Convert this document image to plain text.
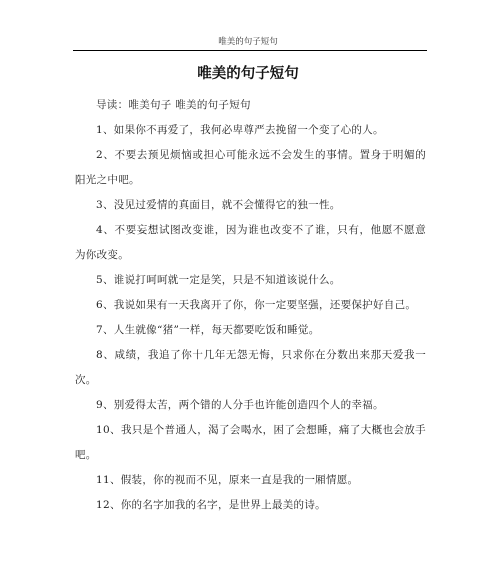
唯美的句子短句
唯美的句子短句

导读：唯美句子 唯美的句子短句

1、如果你不再爱了，我何必卑尊严去挽留一个变了心的人。

2、不要去预见烦恼或担心可能永远不会发生的事情。置身于明媚的阳光之中吧。

3、没见过爱情的真面目，就不会懂得它的独一性。

4、不要妄想试图改变谁，因为谁也改变不了谁，只有，他愿不愿意为你改变。

5、谁说打呵呵就一定是笑，只是不知道该说什么。

6、我说如果有一天我离开了你，你一定要坚强，还要保护好自己。

7、人生就像“猪”一样，每天都要吃饭和睡觉。

8、咸绩，我追了你十几年无怨无悔，只求你在分数出来那天爱我一次。

9、别爱得太苦，两个错的人分手也许能创造四个人的幸福。

10、我只是个普通人，渴了会喝水，困了会想睡，痛了大概也会放手吧。

11、假装，你的视而不见，原来一直是我的一厢情愿。

12、你的名字加我的名字，是世界上最美的诗。
